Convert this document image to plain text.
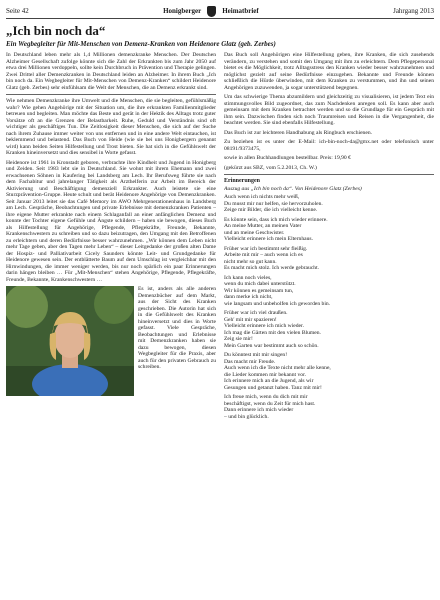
Seite 42	Honigberger	Heimatbrief	Jahrgang 2013
„Ich bin noch da“
Ein Wegbegleiter für Mit-Menschen von Demenz-Kranken von Heidenore Glatz (geb. Zerbes)

In Deutschland leben mehr als 1,4 Millionen demenzkranke Menschen. Der Deutschen Alzheimer Gesellschaft zufolge könnte sich die Zahl der Erkrankten bis zum Jahr 2050 auf etwa drei Millionen verdoppeln, sollte kein Durchbruch in Prävention und Therapie gelingen. Zwei Drittel aller Demenzkranken in Deutschland leiden an Alzheimer. In ihrem Buch „Ich bin noch da. Ein Wegbegleiter für Mit-Menschen von Demenz-Kranken“ schildert Heidenore Glatz (geb. Zerbes) sehr einfühlsam die Welt der Menschen, die an Demenz erkrankt sind.

Wie nehmen Demenzkranke ihre Umwelt und die Menschen, die sie begleiten, gefühlsmäßig wahr? Wie gehen Angehörige mit der Situation um, die ihre erkrankten Familienmitglieder betreuen und begleiten. Man möchte das Beste und gerät in der Hektik des Alltags trotz guter Vorsätze oft an die Grenzen der Belastbarkeit. Ruhe, Geduld und Verständnis sind oft wichtiger als geschäftiges Tun. Die Zeitlosigkeit dieser Menschen, die sich auf der Suche nach ihrem Zuhause immer weiter von uns entfernen und in eine andere Welt eintauchen, ist beklemmend und belastend. Das Buch von Heide (wie sie bei uns Honigbergern genannt wird) kann beiden Seiten Hilfestellung und Trost bieten. Sie hat sich in die Gefühlswelt der Kranken hineinversetzt und dies sensibel in Worte gefasst.

Heidenore ist 1961 in Kronstadt geboren, verbrachte ihre Kindheit und Jugend in Honigberg und Zeiden. Seit 1983 lebt sie in Deutschland. Sie wohnt mit ihrem Ehemann und zwei erwachsenen Söhnen in Kaufering bei Landsberg am Lech. Ihr Berufsweg führte sie nach dem Fachabitur und jahrelanger Tätigkeit als Arzthelferin zur Arbeit im Bereich der Aktivierung und Beschäftigung demenziell Erkrankter. Auch leistete sie eine Sturzprävention-Gruppe. Heute schult und berät Heidenore Angehörige von Demenzkranken. Seit Januar 2013 leitet sie das Café Memory im AWO Mehrgenerationenhaus in Landsberg am Lech. Gespräche, Beobachtungen und private Erlebnisse mit demenzkranken Patienten – ihre eigene Mutter erkrankte nach einem Schlaganfall an einer anfänglichen Demenz und konnte der Tochter eigene Gefühle und Ängste schildern – haben sie bewogen, dieses Buch als Hilfestellung für Angehörige, Pflegende, Pflegekräfte, Freunde, Bekannte, Krankenschwestern zu schreiben und so dazu beizutragen, den Umgang mit den Betroffenen zu erleichtern und deren Bedürfnisse besser wahrzunehmen. „Wir können dem Leben nicht mehr Tage geben, aber den Tagen mehr Leben“ – dieser Leitgedanke der großen alten Dame der Hospiz- und Palliativarbeit Cicely Saunders könnte Leit- und Grundgedanke für Heidenore gewesen sein. Der entblätterte Baum auf dem Umschlag ist vergleichbar mit den Hirnwindungen, die immer weniger werden, bis nur noch spärlich ein paar Erinnerungen darin hängen bleiben … Für „Mit-Menschen“ stehen Angehörige, Pflegende, Pflegekräfte, Freunde, Bekannte, Krankenschwestern …

Es ist, anders als alle anderen Demenzbücher auf dem Markt, aus der Sicht des Kranken geschrieben. Die Autorin hat sich in die Gefühlswelt des Kranken hineinversetzt und dies in Worte gefasst. Viele Gespräche, Beobachtungen und Erlebnisse mit Demenzkranken haben sie dazu bewogen, diesen Wegbegleiter für die Praxis, aber auch für den privaten Gebrauch zu schreiben.

Das Buch soll Angehörigen eine Hilfestellung geben, ihre Kranken, die sich zusehends verändern, zu verstehen und somit den Umgang mit ihm zu erleichtern. Dem Pflegepersonal bietet es die Möglichkeit, trotz Alltagsstress den Kranken wieder besser wahrzunehmen und möglichst gezielt auf seine Bedürfnisse einzugehen. Bekannte und Freunde können schließlich die Hürde überwinden, mit dem Kranken zu verstummen, und ihn und seinen Angehörigen zuzuwenden, ja sogar unterstützend begegnen.

Um das schwierige Thema abzumildern und gleichzeitig zu visualisieren, ist jedem Text ein stimmungsvolles Bild zugeordnet, das zum Nachdenken anregen soll. Es kann aber auch gemeinsam mit dem Kranken betrachtet werden und so die Grundlage für ein Gespräch mit ihm sein. Dazwischen finden sich noch Traumreisen und Reisen in die Vergangenheit, die beachtet werden. Sie sind ebenfalls Hilfestellung.

Das Buch ist zur leichteren Handhabung als Ringbuch erschienen.

Zu beziehen ist es unter der E-Mail: ich-bin-noch-da@gmx.net oder telefonisch unter 08191/9373475,

sowie in allen Buchhandlungen bestellbar. Preis: 19,90 €

(gekürzt aus SBZ, vom 5.2.2013, Ch. W.)

Erinnerungen
Auszug aus „Ich bin noch da“. Von Heidenore Glatz (Zerbes)
Auch wenn ich nichts mehr weiß,
Du musst mir nur helfen, sie hervorzuholen.
Zeige mir Bilder, die ich vielleicht kenne.
Es könnte sein, dass ich mich wieder erinnere.
An meine Mutter, an meinen Vater
und an meine Geschwister.
Vielleicht erinnere ich mein Elternhaus.
Früher war ich bestimmt sehr fleißig.
Arbeite mit mir – auch wenn ich es
nicht mehr so gut kann.
Es macht mich stolz. Ich werde gebraucht.
Ich kann noch vieles,
wenn du mich dabei unterstützt.
Wir können es gemeinsam tun,
dann merke ich nicht,
wie langsam und unbeholfen ich geworden bin.
Früher war ich viel draußen.
Geh' mit mir spazieren!
Vielleicht erinnere ich mich wieder.
Ich mag die Gärten mit den vielen Blumen.
Zeig sie mir!
Mein Garten war bestimmt auch so schön.
Du könntest mit mir singen!
Das macht mir Freude.
Auch wenn ich die Texte nicht mehr alle kenne,
die Lieder kommen mir bekannt vor.
Ich erinnere mich an die Jugend, als wir
Gesungen und getanzt haben. Tanz mit mir!
Ich freue mich, wenn du dich mit mir
beschäftigst, wenn du Zeit für mich hast.
Dann erinnere ich mich wieder
– und bin glücklich.
